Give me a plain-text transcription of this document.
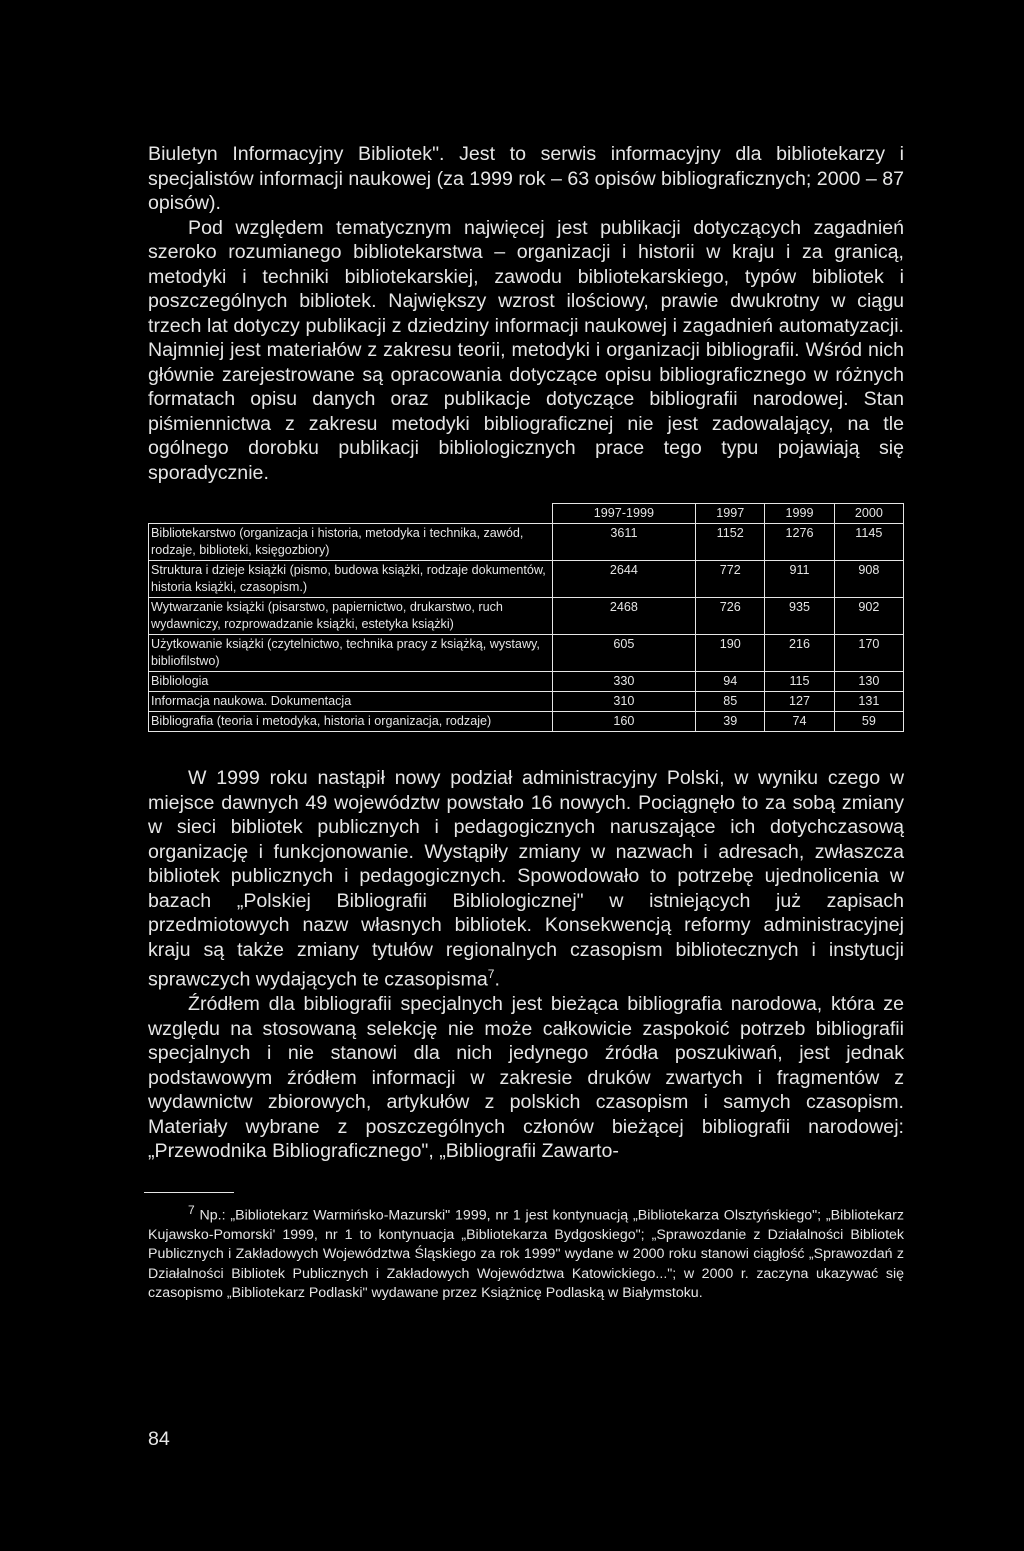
Biuletyn Informacyjny Bibliotek". Jest to serwis informacyjny dla bibliotekarzy i specjalistów informacji naukowej (za 1999 rok – 63 opisów bibliograficznych; 2000 – 87 opisów).

Pod względem tematycznym najwięcej jest publikacji dotyczących zagadnień szeroko rozumianego bibliotekarstwa – organizacji i historii w kraju i za granicą, metodyki i techniki bibliotekarskiej, zawodu bibliotekarskiego, typów bibliotek i poszczególnych bibliotek. Największy wzrost ilościowy, prawie dwukrotny w ciągu trzech lat dotyczy publikacji z dziedziny informacji naukowej i zagadnień automatyzacji. Najmniej jest materiałów z zakresu teorii, metodyki i organizacji bibliografii. Wśród nich głównie zarejestrowane są opracowania dotyczące opisu bibliograficznego w różnych formatach opisu danych oraz publikacje dotyczące bibliografii narodowej. Stan piśmiennictwa z zakresu metodyki bibliograficznej nie jest zadowalający, na tle ogólnego dorobku publikacji bibliologicznych prace tego typu pojawiają się sporadycznie.

	1997-1999	1997	1999	2000
Bibliotekarstwo (organizacja i historia, metodyka i technika, zawód, rodzaje, biblioteki, księgozbiory)	3611	1152	1276	1145
Struktura i dzieje książki (pismo, budowa książki, rodzaje dokumentów, historia książki, czasopism.)	2644	772	911	908
Wytwarzanie książki (pisarstwo, papiernictwo, drukarstwo, ruch wydawniczy, rozprowadzanie książki, estetyka książki)	2468	726	935	902
Użytkowanie książki (czytelnictwo, technika pracy z książką, wystawy, bibliofilstwo)	605	190	216	170
Bibliologia	330	94	115	130
Informacja naukowa. Dokumentacja	310	85	127	131
Bibliografia (teoria i metodyka, historia i organizacja, rodzaje)	160	39	74	59

W 1999 roku nastąpił nowy podział administracyjny Polski, w wyniku czego w miejsce dawnych 49 województw powstało 16 nowych. Pociągnęło to za sobą zmiany w sieci bibliotek publicznych i pedagogicznych naruszające ich dotychczasową organizację i funkcjonowanie. Wystąpiły zmiany w nazwach i adresach, zwłaszcza bibliotek publicznych i pedagogicznych. Spowodowało to potrzebę ujednolicenia w bazach „Polskiej Bibliografii Bibliologicznej" w istniejących już zapisach przedmiotowych nazw własnych bibliotek. Konsekwencją reformy administracyjnej kraju są także zmiany tytułów regionalnych czasopism bibliotecznych i instytucji sprawczych wydających te czasopisma$^7$.

Źródłem dla bibliografii specjalnych jest bieżąca bibliografia narodowa, która ze względu na stosowaną selekcję nie może całkowicie zaspokoić potrzeb bibliografii specjalnych i nie stanowi dla nich jedynego źródła poszukiwań, jest jednak podstawowym źródłem informacji w zakresie druków zwartych i fragmentów z wydawnictw zbiorowych, artykułów z polskich czasopism i samych czasopism. Materiały wybrane z poszczególnych członów bieżącej bibliografii narodowej: „Przewodnika Bibliograficznego", „Bibliografii Zawarto-

$^7$ Np.: „Bibliotekarz Warmińsko-Mazurski" 1999, nr 1 jest kontynuacją „Bibliotekarza Olsztyńskiego"; „Bibliotekarz Kujawsko-Pomorski' 1999, nr 1 to kontynuacja „Bibliotekarza Bydgoskiego"; „Sprawozdanie z Działalności Bibliotek Publicznych i Zakładowych Województwa Śląskiego za rok 1999" wydane w 2000 roku stanowi ciągłość „Sprawozdań z Działalności Bibliotek Publicznych i Zakładowych Województwa Katowickiego..."; w 2000 r. zaczyna ukazywać się czasopismo „Bibliotekarz Podlaski" wydawane przez Książnicę Podlaską w Białymstoku.

84
